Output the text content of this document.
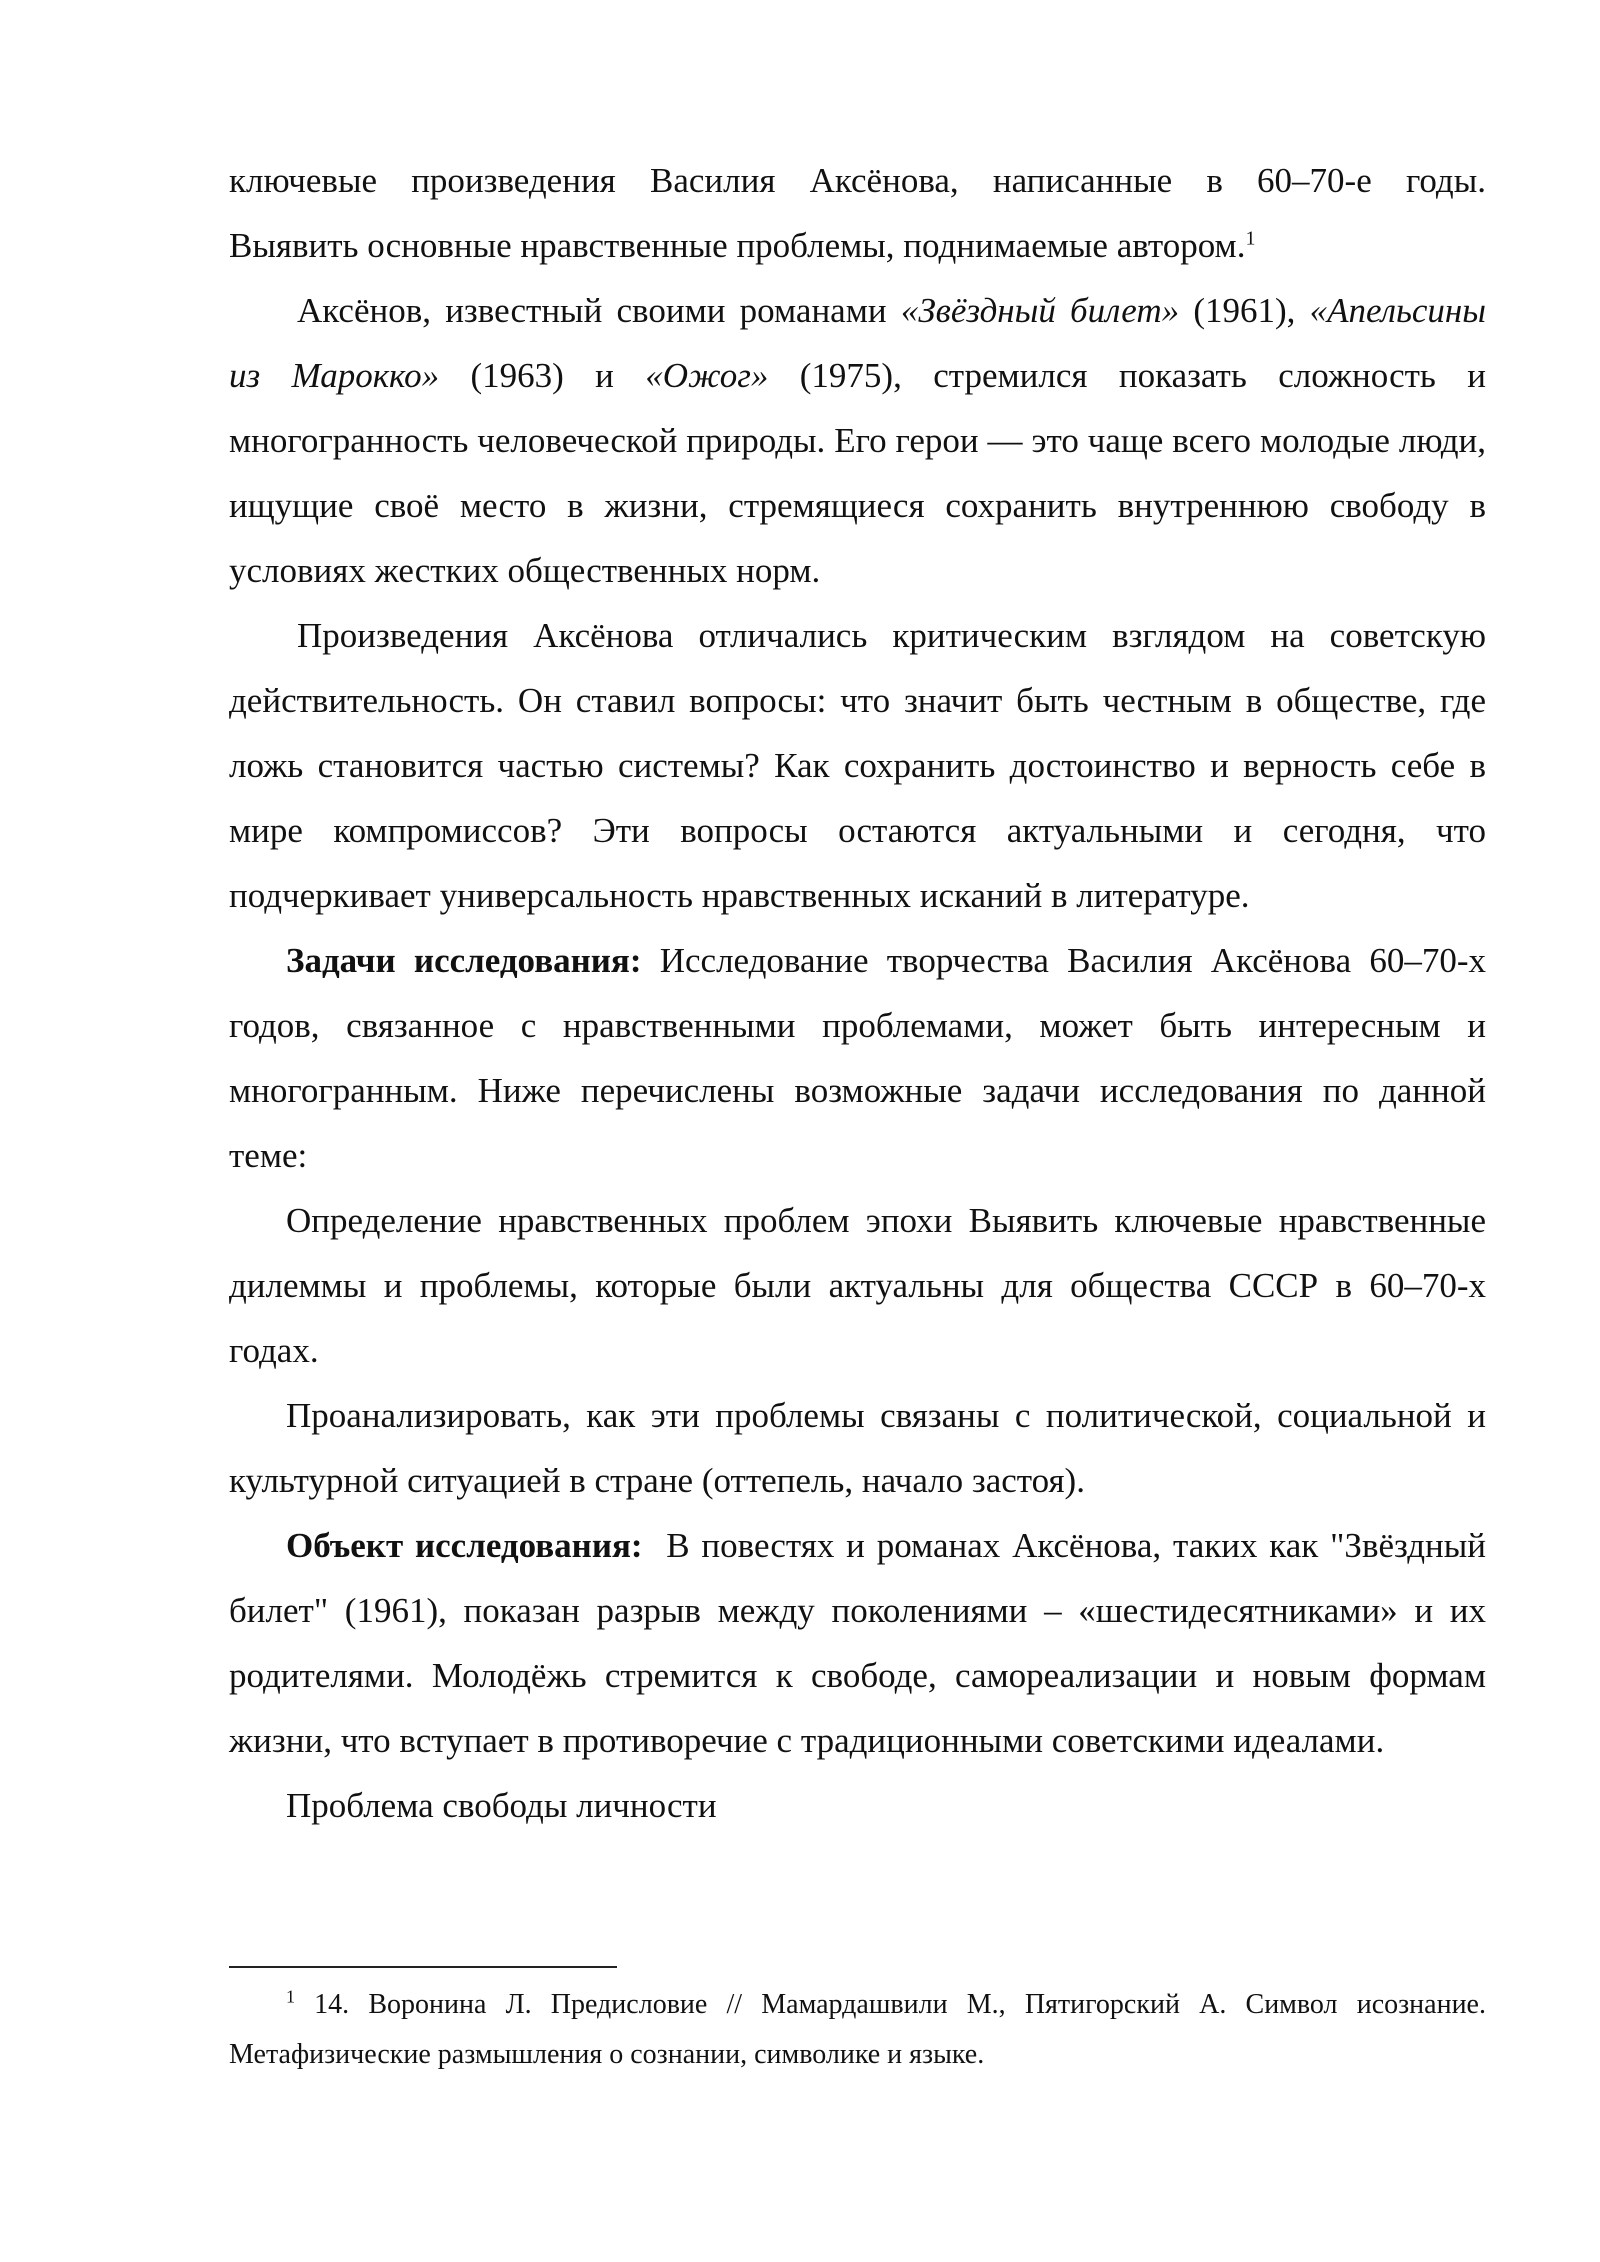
ключевые произведения Василия Аксёнова, написанные в 60–70-е годы.

Выявить основные нравственные проблемы, поднимаемые автором.$^1$

Аксёнов, известный своими романами «Звёздный билет» (1961), «Апельсины из Марокко» (1963) и «Ожог» (1975), стремился показать сложность и многогранность человеческой природы. Его герои — это чаще всего молодые люди, ищущие своё место в жизни, стремящиеся сохранить внутреннюю свободу в условиях жестких общественных норм.

Произведения Аксёнова отличались критическим взглядом на советскую действительность. Он ставил вопросы: что значит быть честным в обществе, где ложь становится частью системы? Как сохранить достоинство и верность себе в мире компромиссов? Эти вопросы остаются актуальными и сегодня, что подчеркивает универсальность нравственных исканий в литературе.

Задачи исследования: Исследование творчества Василия Аксёнова 60–70-х годов, связанное с нравственными проблемами, может быть интересным и многогранным. Ниже перечислены возможные задачи исследования по данной теме:

Определение нравственных проблем эпохи Выявить ключевые нравственные дилеммы и проблемы, которые были актуальны для общества СССР в 60–70-х годах.

Проанализировать, как эти проблемы связаны с политической, социальной и культурной ситуацией в стране (оттепель, начало застоя).

Объект исследования:  В повестях и романах Аксёнова, таких как "Звёздный билет" (1961), показан разрыв между поколениями – «шестидесятниками» и их родителями. Молодёжь стремится к свободе, самореализации и новым формам жизни, что вступает в противоречие с традиционными советскими идеалами.

Проблема свободы личности

$^1$ 14. Воронина Л. Предисловие // Мамардашвили М., Пятигорский А. Символ исознание. Метафизические размышления о сознании, символике и языке.
